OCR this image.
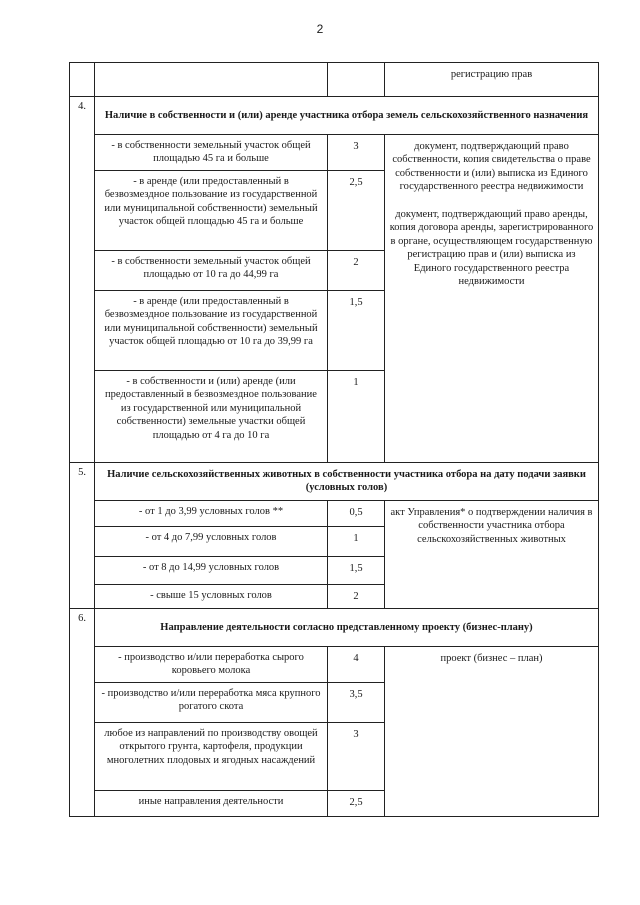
2
			регистрацию прав
4.	Наличие в собственности и (или) аренде участника отбора земель сельскохозяйственного назначения		
	- в собственности земельный участок общей площадью 45 га и больше	3	документ, подтверждающий право собственности, копия свидетельства о праве собственности и (или) выписка из Единого государственного реестра недвижимости

документ, подтверждающий право аренды, копия договора аренды, зарегистрированного в органе, осуществляющем государственную регистрацию прав и (или) выписка из Единого государственного реестра недвижимости

	- в аренде (или предоставленный в безвозмездное пользование из государственной или муниципальной собственности) земельный участок общей площадью 45 га и больше	2,5	
	- в собственности земельный участок общей площадью от 10 га до 44,99 га	2	
	- в аренде (или предоставленный в безвозмездное пользование из государственной или муниципальной собственности) земельный участок общей площадью от 10 га до 39,99 га	1,5	
	- в собственности и (или) аренде (или предоставленный в безвозмездное пользование из государственной или муниципальной собственности) земельные участки общей площадью от 4 га до 10 га	1	
5.	Наличие сельскохозяйственных животных в собственности участника отбора на дату подачи заявки (условных голов)		
	- от 1 до 3,99 условных голов **	0,5	акт Управления* о подтверждении наличия в собственности участника отбора сельскохозяйственных животных

	- от 4 до 7,99 условных голов	1	
	- от 8 до 14,99 условных голов	1,5	
	- свыше 15 условных голов	2	
6.	Направление деятельности согласно представленному проекту (бизнес-плану)		
	- производство и/или переработка сырого коровьего молока	4	проект (бизнес – план)

	- производство и/или переработка мяса крупного рогатого скота	3,5	
	любое из направлений по производству овощей открытого грунта, картофеля, продукции многолетних плодовых и ягодных насаждений	3	
	иные направления деятельности	2,5	
